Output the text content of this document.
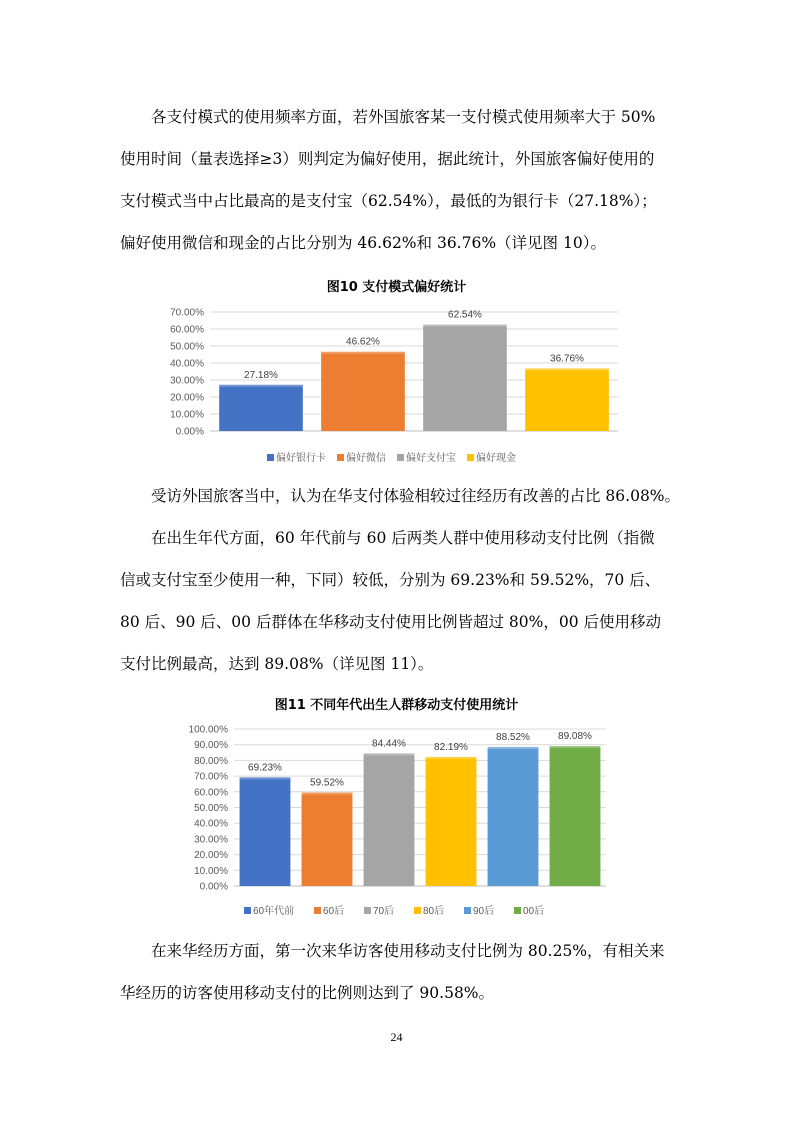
各支付模式的使用频率方面，若外国旅客某一支付模式使用频率大于 50%
使用时间（量表选择≥3）则判定为偏好使用，据此统计，外国旅客偏好使用的
支付模式当中占比最高的是支付宝（62.54%），最低的为银行卡（27.18%）；
偏好使用微信和现金的占比分别为 46.62%和 36.76%（详见图 10）。
图10 支付模式偏好统计
0.00%
10.00%
20.00%
30.00%
40.00%
50.00%
60.00%
70.00%
27.18%
46.62%
62.54%
36.76%
偏好银行卡 偏好微信 偏好支付宝 偏好现金
受访外国旅客当中，认为在华支付体验相较过往经历有改善的占比 86.08%。
在出生年代方面，60 年代前与 60 后两类人群中使用移动支付比例（指微
信或支付宝至少使用一种，下同）较低，分别为 69.23%和 59.52%，70 后、
80 后、90 后、00 后群体在华移动支付使用比例皆超过 80%，00 后使用移动
支付比例最高，达到 89.08%（详见图 11）。
图11 不同年代出生人群移动支付使用统计
0.00%
10.00%
20.00%
30.00%
40.00%
50.00%
60.00%
70.00%
80.00%
90.00%
100.00%
69.23%
59.52%
84.44%	82.19%
88.52%	89.08%
60年代前	60后	70后	80后	90后	00后
在来华经历方面，第一次来华访客使用移动支付比例为 80.25%，有相关来
华经历的访客使用移动支付的比例则达到了 90.58%。
24
